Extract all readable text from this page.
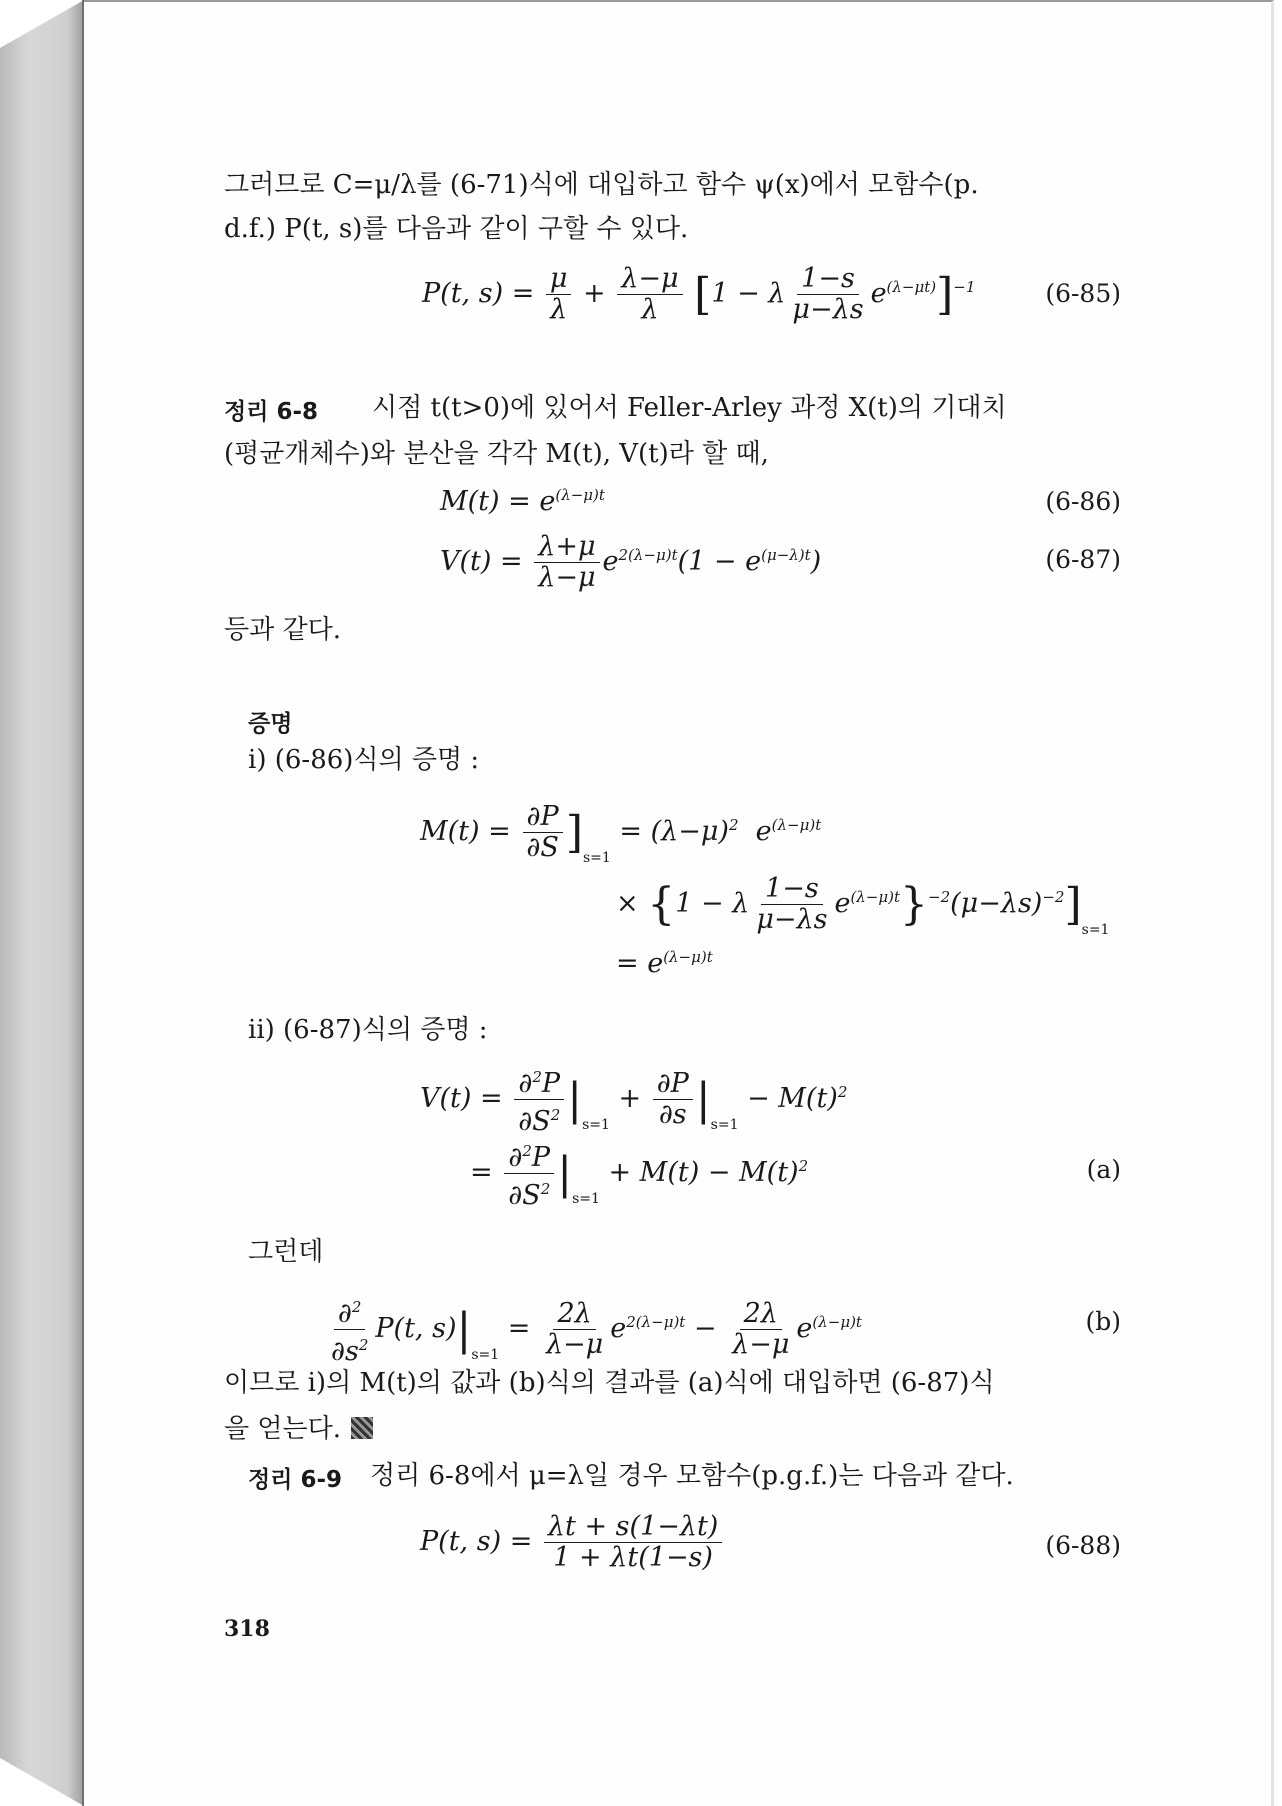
그러므로 C=μ/λ를 (6-71)식에 대입하고 함수 ψ(x)에서 모함수(p.
d.f.) P(t, s)를 다음과 같이 구할 수 있다.
P(t, $s) = \frac{\mu}{\lambda} + \frac{\lambda-\mu}{\lambda} [1 - \lambda \frac{1-s}{\mu-\lambda s} e^{(\lambda-\mu t)}]^{-1}$	(6-85)
정리 6-8 시점 t(t>0)에 있어서 Feller-Arley 과정 X(t)의 기대치
(평균개체수)와 분산을 각각 M(t), V(t)라 할 때,
$M(t) = e^{(\lambda-\mu)t}$	(6-86)
$V(t) = \frac{\lambda+\mu}{\lambda-\mu} e^{2(\lambda-\mu)t}(1 - e^{(\mu-\lambda)t})$	(6-87)
등과 같다.
증명
i) (6-86)식의 증명 :
$M(t) = \frac{\partial P}{\partial S} ]_{s=1} = (\lambda-\mu)^2$  $e^{(\lambda-\mu)t}$
× {1 − λ $\frac{1-s}{\mu-\lambda s} e^{(\lambda-\mu)t}\}^{-2}(\mu-\lambda s)^{-2}]_{s=1}$
= $e^{(\lambda-\mu)t}$
ii) (6-87)식의 증명 :
$V(t) = \frac{\partial^2P}{\partial S^2} |_{s=1} + \frac{\partial P}{\partial s} |_{s=1} - M(t)^2$
= $\frac{\partial^2P}{\partial S^2} |_{s=1} + M(t) - M(t)^2$	(a)
그런데
$\frac{\partial^2}{\partial s^2} P(t$, $s)|_{s=1} = \frac{2\lambda}{\lambda-\mu} e^{2(\lambda-\mu)t} - \frac{2\lambda}{\lambda-\mu} e^{(\lambda-\mu)t}$	(b)
이므로 i)의 M(t)의 값과 (b)식의 결과를 (a)식에 대입하면 (6-87)식
을 얻는다.
정리 6-9 정리 6-8에서 μ=λ일 경우 모함수(p.g.f.)는 다음과 같다.
P(t, $s) = \frac{\lambda t + s(1-\lambda t)}{1 + \lambda t(1-s)}$	(6-88)
318
